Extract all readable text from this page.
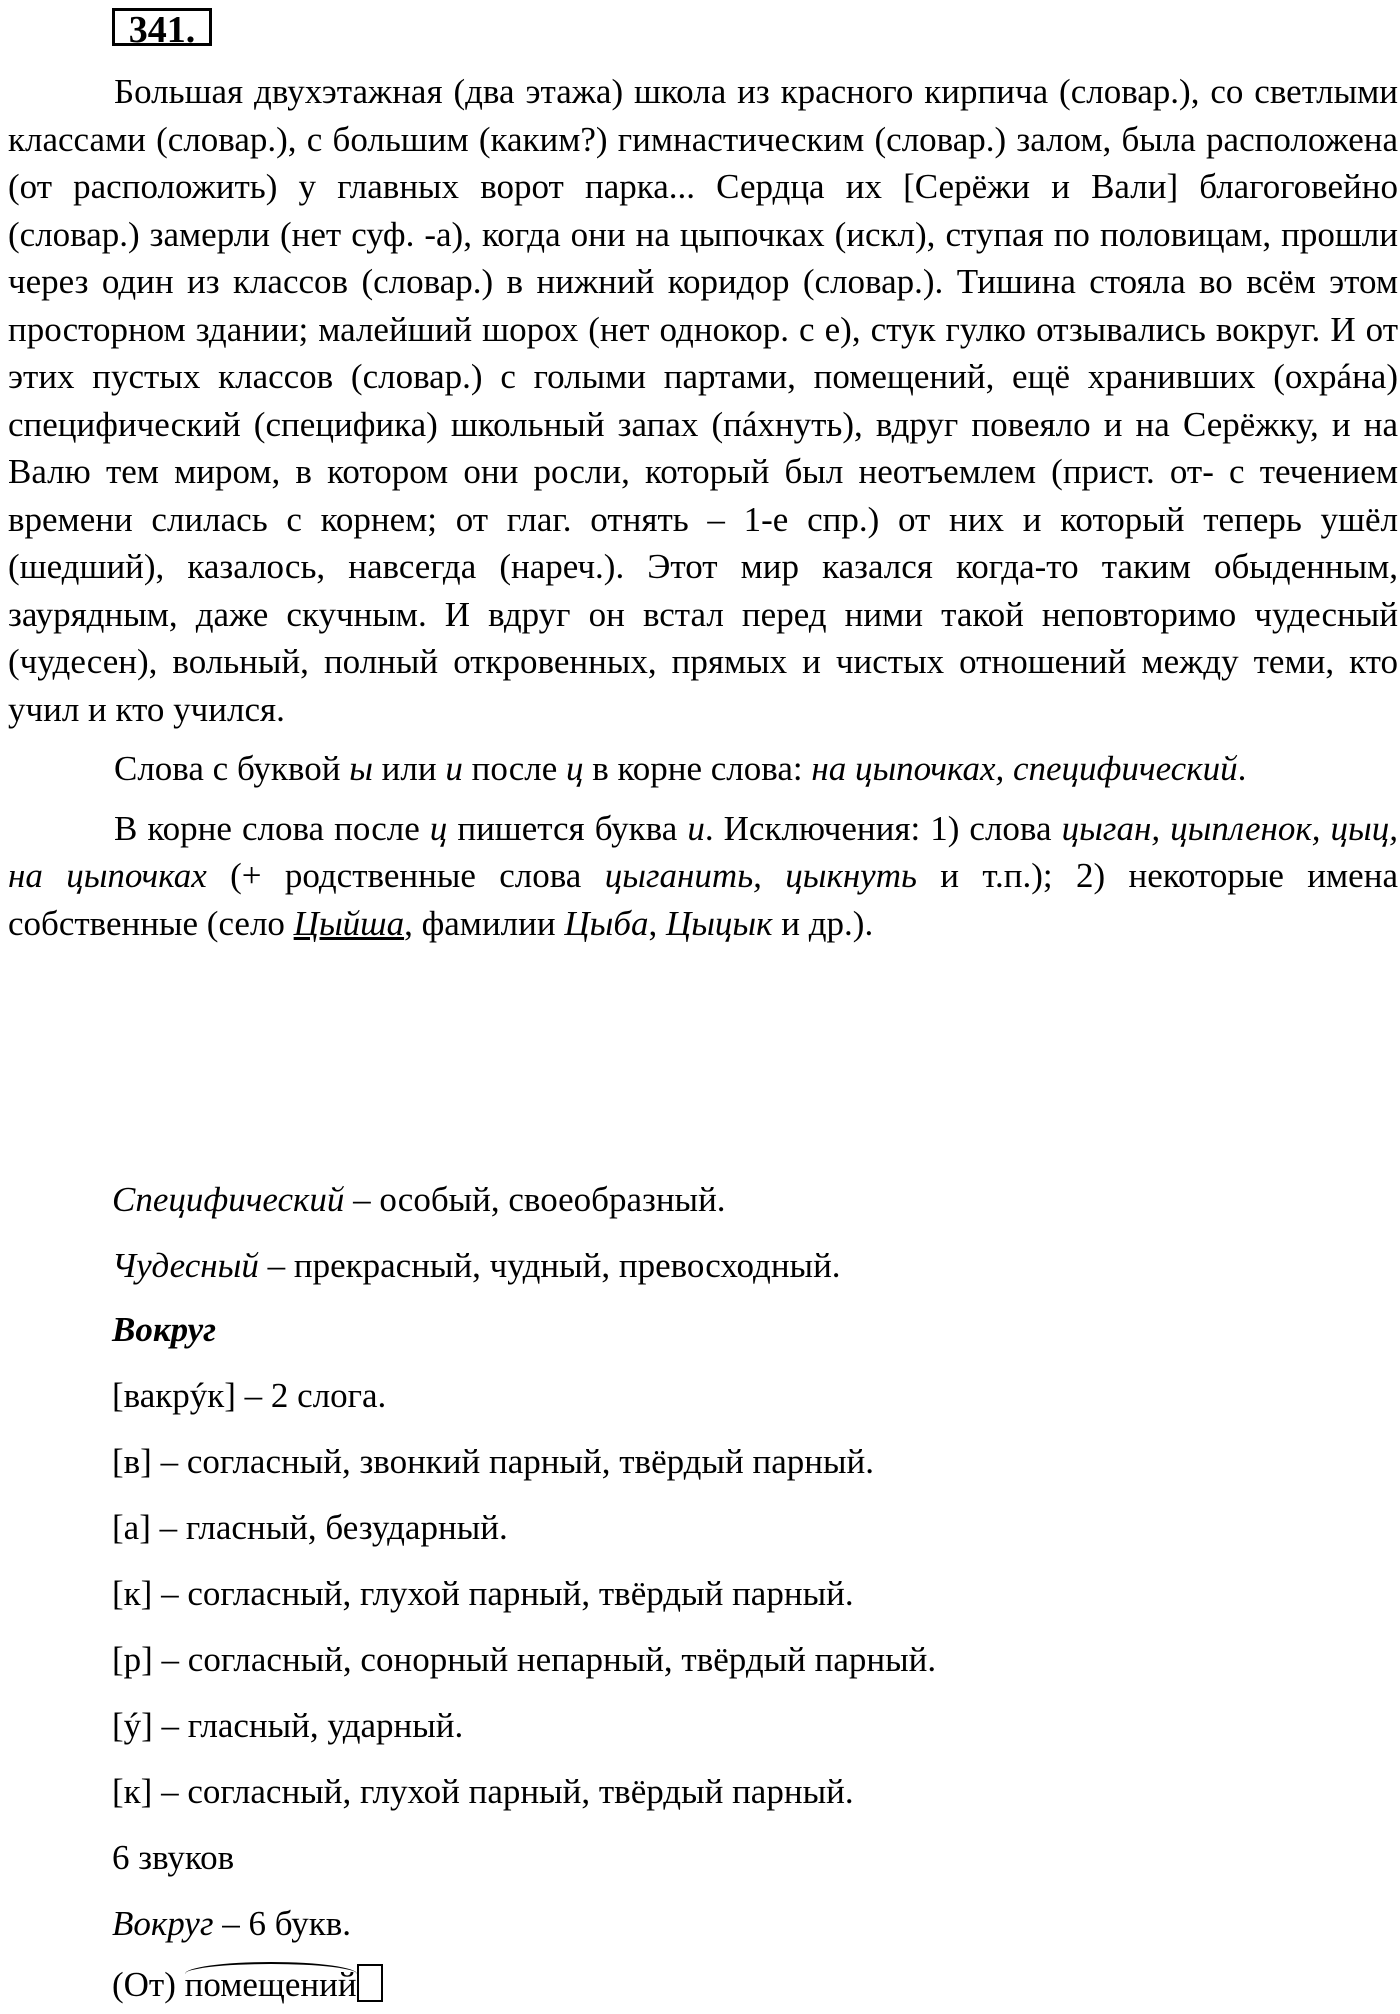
341.

Большая двухэтажная (два этажа) школа из красного кирпича (словар.), со светлыми классами (словар.), с большим (каким?) гимнастическим (словар.) залом, была расположена (от расположить) у главных ворот парка... Сердца их [Серёжи и Вали] благоговейно (словар.) замерли (нет суф. -а), когда они на цыпочках (искл), ступая по половицам, прошли через один из классов (словар.) в нижний коридор (словар.). Тишина стояла во всём этом просторном здании; малейший шорох (нет однокор. с е), стук гулко отзывались вокруг. И от этих пустых классов (словар.) с голыми партами, помещений, ещё хранивших (охрáна) специфический (специфика) школьный запах (пáхнуть), вдруг повеяло и на Серёжку, и на Валю тем миром, в котором они росли, который был неотъемлем (прист. от- с течением времени слилась с корнем; от глаг. отнять – 1-е спр.) от них и который теперь ушёл (шедший), казалось, навсегда (нареч.). Этот мир казался когда-то таким обыденным, заурядным, даже скучным. И вдруг он встал перед ними такой неповторимо чудесный (чудесен), вольный, полный откровенных, прямых и чистых отношений между теми, кто учил и кто учился.

Слова с буквой ы или и после ц в корне слова: на цыпочках, специфический.

В корне слова после ц пишется буква и. Исключения: 1) слова цыган, цыпленок, цыц, на цыпочках (+ родственные слова цыганить, цыкнуть и т.п.); 2) некоторые имена собственные (село Цыйша, фамилии Цыба, Цыцык и др.).

Специфический – особый, своеобразный.
Чудесный – прекрасный, чудный, превосходный.
Вокруг
[вакрýк] – 2 слога.
[в] – согласный, звонкий парный, твёрдый парный.
[а] – гласный, безударный.
[к] – согласный, глухой парный, твёрдый парный.
[р] – согласный, сонорный непарный, твёрдый парный.
[ý] – гласный, ударный.
[к] – согласный, глухой парный, твёрдый парный.
6 звуков
Вокруг – 6 букв.
(От) помещений
